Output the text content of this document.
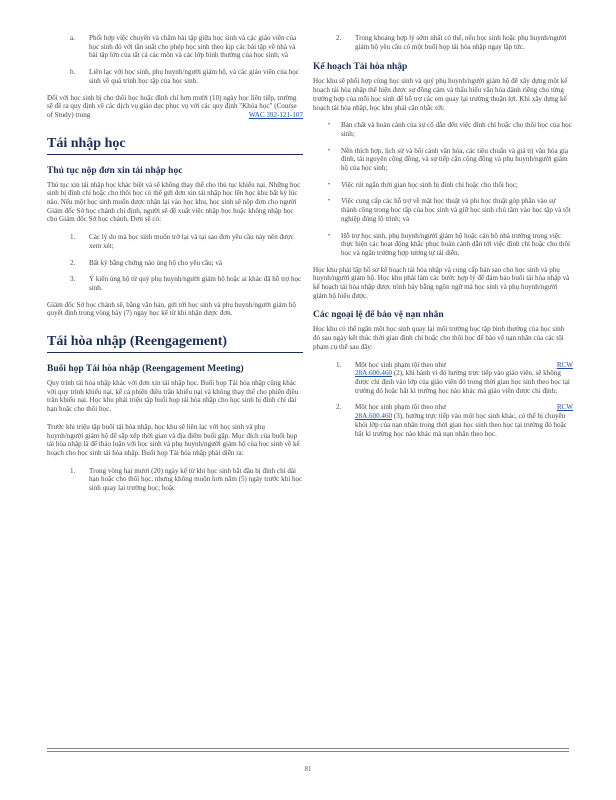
a. Phối hợp việc chuyển và chấm bài tập giữa học sinh và các giáo viên của học sinh đó với tần suất cho phép học sinh theo kịp các bài tập về nhà và bài tập lớn của tất cả các môn và các lớp bình thường của học sinh; và

b. Liên lạc với học sinh, phụ huynh/người giám hộ, và các giáo viên của học sinh về quá trình học tập của học sinh.

Đối với học sinh bị cho thôi học hoặc đình chỉ hơn mười (10) ngày học liên tiếp, trường sẽ đề ra quy định về các dịch vụ giáo dục phục vụ với các quy định "Khóa học" (Course of Study) trong	WAC 392-121-107

Tái nhập học
Thủ tục nộp đơn xin tái nhập học

Thủ tục xin tái nhập học khác biệt và sẽ không thay thế cho thủ tục khiếu nại. Những học sinh bị đình chỉ hoặc cho thôi học có thể gửi đơn xin tái nhập học lên học khu bất kỳ lúc nào. Nếu một học sinh muốn được nhận lại vào học khu, học sinh sẽ nộp đơn cho người Giám đốc Sở học chánh chỉ định, người sẽ đề xuất việc nhập học hoặc không nhập học cho Giám đốc Sở học chánh. Đơn sẽ có:

1. Các lý do mà học sinh muốn trở lại và tại sao đơn yêu cầu này nên được xem xét;

2. Bất kỳ bằng chứng nào ủng hộ cho yêu cầu; và

3. Ý kiến ủng hộ từ quý phụ huynh/người giám hộ hoặc ai khác đã hỗ trợ học sinh.

Giám đốc Sở học chánh sẽ, bằng văn bản, gửi tới học sinh và phụ huynh/người giám hộ quyết định trong vòng bảy (7) ngày học kể từ khi nhận được đơn.

Tái hòa nhập (Reengagement)
Buổi họp Tái hòa nhập (Reengagement Meeting)

Quy trình tái hòa nhập khác với đơn xin tái nhập học. Buổi họp Tái hòa nhập cũng khác với quy trình khiếu nại, kể cả phiên điều trần khiếu nại và không thay thế cho phiên điều trần khiếu nại. Học khu phải triệu tập buổi họp tái hòa nhập cho học sinh bị đình chỉ dài hạn hoặc cho thôi học.

Trước khi triệu tập buổi tái hòa nhập, học khu sẽ liên lạc với học sinh và phụ huynh/người giám hộ để sắp xếp thời gian và địa điểm buổi gặp. Mục đích của buổi họp tái hòa nhập là để thảo luận với học sinh và phụ huynh/người giám hộ của học sinh về kế hoạch cho học sinh tái hòa nhập. Buổi họp Tái hòa nhập phải diễn ra:

1. Trong vòng hai mươi (20) ngày kể từ khi học sinh bắt đầu bị đình chỉ dài hạn hoặc cho thôi học, nhưng không muộn hơn năm (5) ngày trước khi học sinh quay lại trường học; hoặc

2. Trong khoảng hợp lý sớm nhất có thể, nếu học sinh hoặc phụ huynh/người giám hộ yêu cầu có một buổi họp tái hòa nhập ngay lập tức.

Kế hoạch Tái hòa nhập

Học khu sẽ phối hợp cùng học sinh và quý phụ huynh/người giám hộ để xây dựng một kế hoạch tái hòa nhập thể hiện được sự đồng cảm và thấu hiểu văn hóa dành riêng cho từng trường hợp của mỗi học sinh để hỗ trợ các em quay lại trường thuận lợi. Khi xây dựng kế hoạch tái hòa nhập, học khu phải cân nhắc tới:

• Bản chất và hoàn cảnh của sự cố dẫn đến việc đình chỉ hoặc cho thôi học của học sinh;

• Nền thích hợp, lịch sử và bối cảnh văn hóa, các tiêu chuẩn và giá trị văn hóa gia đình, tài nguyên cộng đồng, và sự tiếp cận cộng đồng và phụ huynh/người giám hộ của học sinh;

• Việc rút ngắn thời gian học sinh bị đình chỉ hoặc cho thôi học;

• Việc cung cấp các hỗ trợ về mặt học thuật và phi học thuật góp phần vào sự thành công trong học tập của học sinh và giữ học sinh chú tâm vào học tập và tốt nghiệp đúng lộ trình; và

• Hỗ trợ học sinh, phụ huynh/người giám hộ hoặc cán bộ nhà trường trong việc thực hiện các hoạt động khắc phục hoàn cảnh dẫn tới việc đình chỉ hoặc cho thôi học và ngăn trường hợp tương tự tái diễn.

Học khu phải lập hồ sơ kế hoạch tái hòa nhập và cung cấp bản sao cho học sinh và phụ huynh/người giám hộ. Học khu phải làm các bước hợp lý để đảm bảo buổi tái hòa nhập và kế hoạch tái hòa nhập được trình bày bằng ngôn ngữ mà học sinh và phụ huynh/người giám hộ hiểu được.

Các ngoại lệ để bảo vệ nạn nhân

Học khu có thể ngăn một học sinh quay lại môi trường học tập bình thường của học sinh đó sau ngày kết thúc thời gian đình chỉ hoặc cho thôi học để bảo vệ nạn nhân của các tội phạm cụ thể sau đây:

1. Một học sinh phạm tội theo như	RCW

28A.600.460 (2), khi hành vi đó hướng trực tiếp vào giáo viên, sẽ không được chỉ định vào lớp của giáo viên đó trong thời gian học sinh theo học tại trường đó hoặc bất kì trường học nào khác mà giáo viên được chỉ định;

2. Một học sinh phạm tội theo như	RCW

28A.600.460 (3), hướng trực tiếp vào một học sinh khác, có thể bị chuyển khỏi lớp của nạn nhân trong thời gian học sinh theo học tại trường đó hoặc bất kì trường học nào khác mà nạn nhân theo học.

81
